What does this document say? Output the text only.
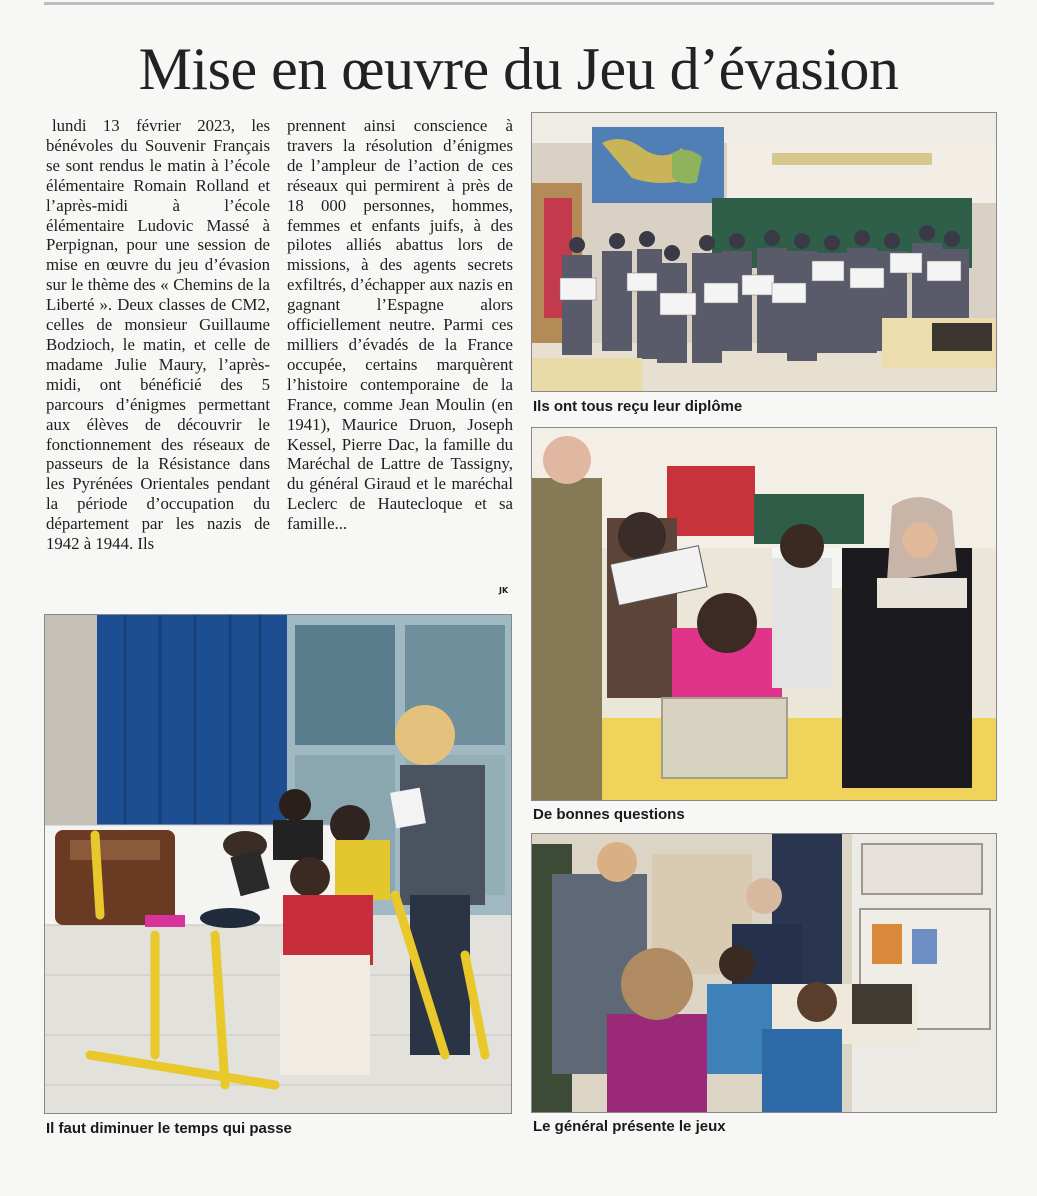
Mise en œuvre du Jeu d’évasion
lundi 13 février 2023, les bénévoles du Souvenir Français se sont rendus le matin à l’école élémentaire Romain Rolland et l’après-midi à l’école élémentaire Ludovic Massé à Perpignan, pour une session de mise en œuvre du jeu d’évasion sur le thème des « Chemins de la Liberté ». Deux classes de CM2, celles de monsieur Guillaume Bodzioch, le matin, et celle de madame Julie Maury, l’après-midi, ont bénéficié des 5 parcours d’énigmes permettant aux élèves de découvrir le fonctionnement des réseaux de passeurs de la Résistance dans les Pyrénées Orientales pendant la période d’occupation du département par les nazis de 1942 à 1944. Ils
prennent ainsi conscience à travers la résolution d’énigmes de l’ampleur de l’action de ces réseaux qui permirent à près de 18 000 personnes, hommes, femmes et enfants juifs, à des pilotes alliés abattus lors de missions, à des agents secrets exfiltrés, d’échapper aux nazis en gagnant l’Espagne alors officiellement neutre. Parmi ces milliers d’évadés de la France occupée, certains marquèrent l’histoire contemporaine de la France, comme Jean Moulin (en 1941), Maurice Druon, Joseph Kessel, Pierre Dac, la famille du Maréchal de Lattre de Tassigny, du général Giraud et le maréchal Leclerc de Hautecloque et sa famille...
JK
Ils ont tous reçu leur diplôme
De bonnes questions
Le général présente le jeux
Il faut diminuer le temps qui passe
